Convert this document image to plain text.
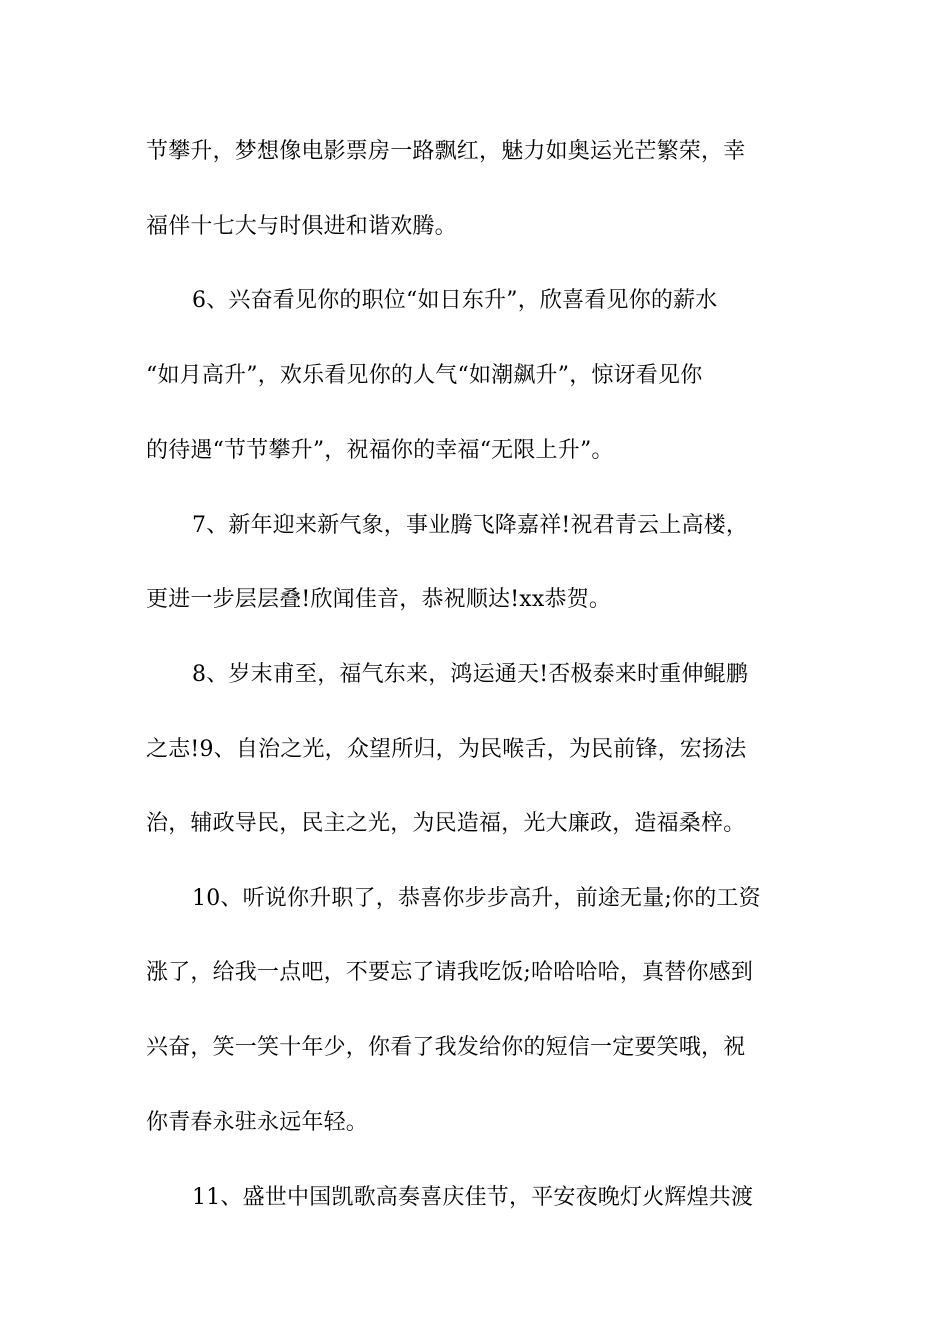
节攀升，梦想像电影票房一路飘红，魅力如奥运光芒繁荣，幸
福伴十七大与时俱进和谐欢腾。
6、兴奋看见你的职位“如日东升”，欣喜看见你的薪水
“如月高升”，欢乐看见你的人气“如潮飙升”，惊讶看见你
的待遇“节节攀升”，祝福你的幸福“无限上升”。
7、新年迎来新气象，事业腾飞降嘉祥!祝君青云上高楼，
更进一步层层叠!欣闻佳音，恭祝顺达!xx恭贺。
8、岁末甫至，福气东来，鸿运通天!否极泰来时重伸鲲鹏
之志!9、自治之光，众望所归，为民喉舌，为民前锋，宏扬法
治，辅政导民，民主之光，为民造福，光大廉政，造福桑梓。
10、听说你升职了，恭喜你步步高升，前途无量;你的工资
涨了，给我一点吧，不要忘了请我吃饭;哈哈哈哈，真替你感到
兴奋，笑一笑十年少，你看了我发给你的短信一定要笑哦，祝
你青春永驻永远年轻。
11、盛世中国凯歌高奏喜庆佳节，平安夜晚灯火辉煌共渡
